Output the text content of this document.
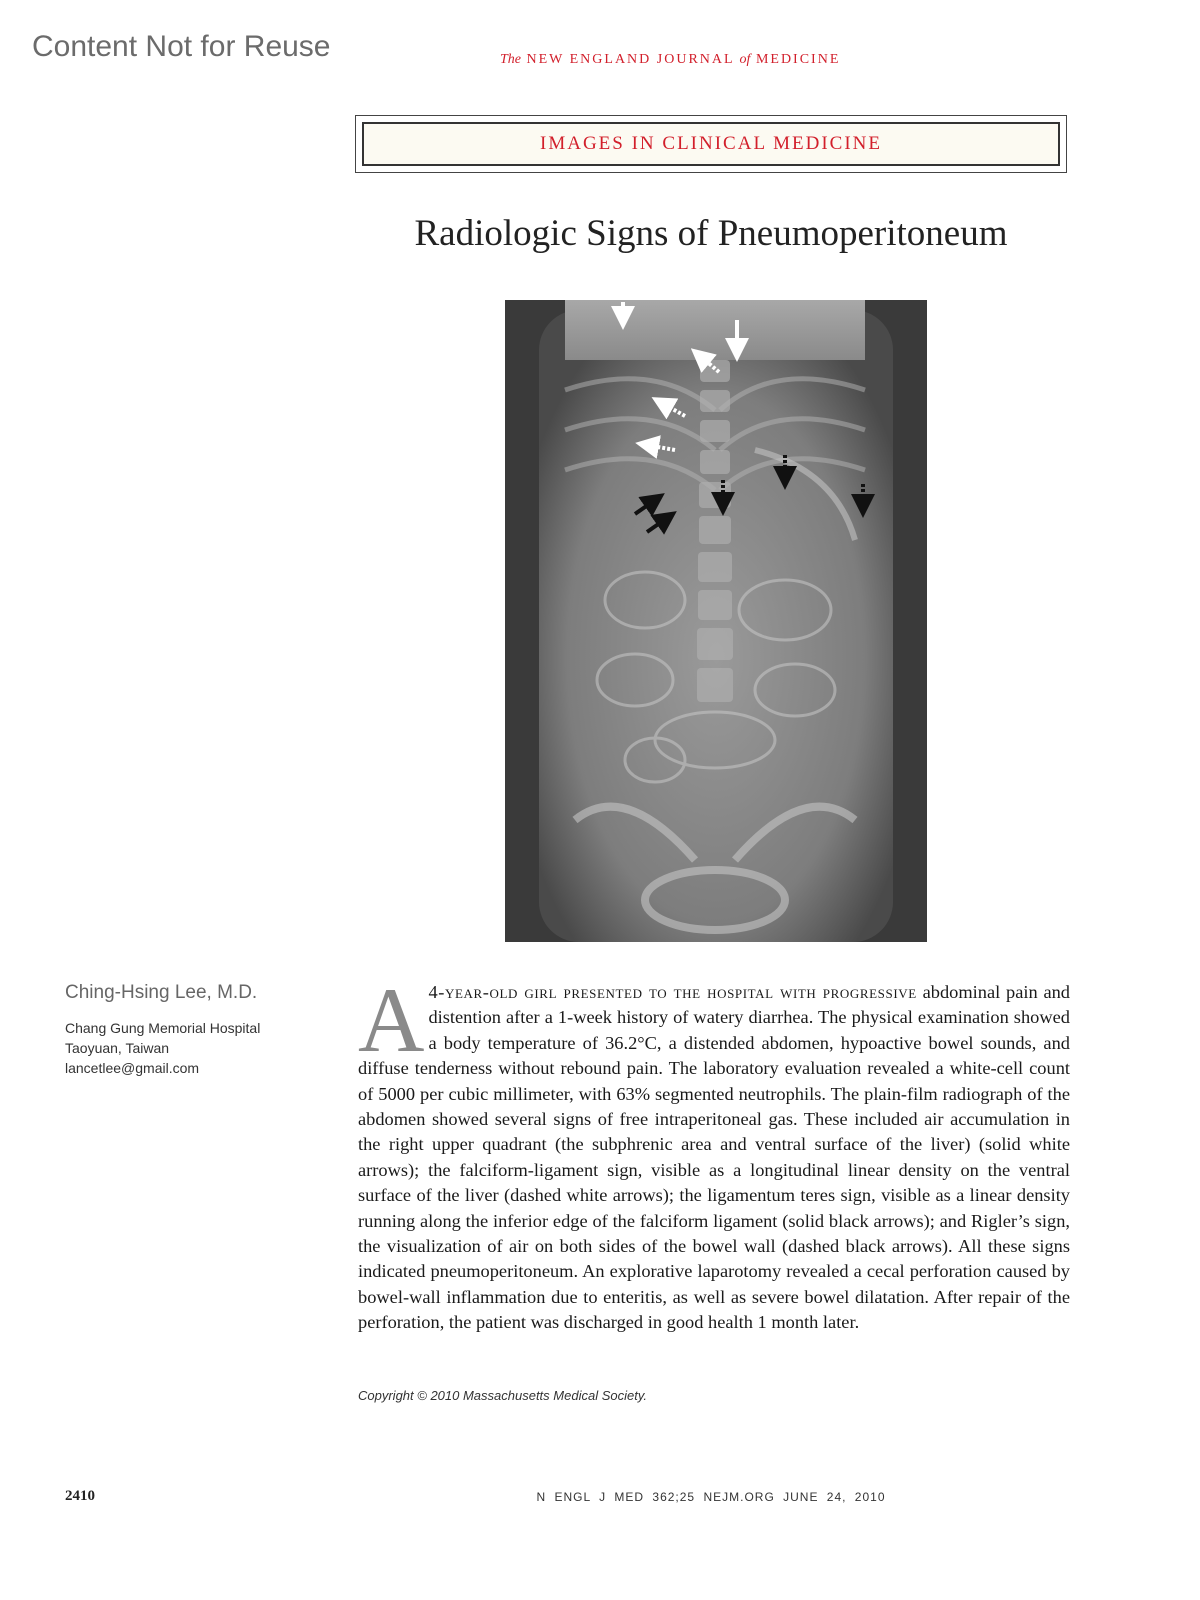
Content Not for Reuse	The NEW ENGLAND JOURNAL of MEDICINE
IMAGES IN CLINICAL MEDICINE
Radiologic Signs of Pneumoperitoneum
Ching-Hsing Lee, M.D.
Chang Gung Memorial Hospital
Taoyuan, Taiwan
lancetlee@gmail.com	A 4-year-old girl presented to the hospital with progressive abdominal pain and distention after a 1-week history of watery diarrhea. The physical examination showed a body temperature of 36.2°C, a distended abdomen, hypoactive bowel sounds, and diffuse tenderness without rebound pain. The laboratory evaluation revealed a white-cell count of 5000 per cubic millimeter, with 63% segmented neutrophils. The plain-film radiograph of the abdomen showed several signs of free intraperitoneal gas. These included air accumulation in the right upper quadrant (the subphrenic area and ventral surface of the liver) (solid white arrows); the falciform-ligament sign, visible as a longitudinal linear density on the ventral surface of the liver (dashed white arrows); the ligamentum teres sign, visible as a linear density running along the inferior edge of the falciform ligament (solid black arrows); and Rigler’s sign, the visualization of air on both sides of the bowel wall (dashed black arrows). All these signs indicated pneumoperitoneum. An explorative laparotomy revealed a cecal perforation caused by bowel-wall inflammation due to enteritis, as well as severe bowel dilatation. After repair of the perforation, the patient was discharged in good health 1 month later.
Copyright © 2010 Massachusetts Medical Society.
2410	N ENGL J MED 362;25 NEJM.ORG JUNE 24, 2010
